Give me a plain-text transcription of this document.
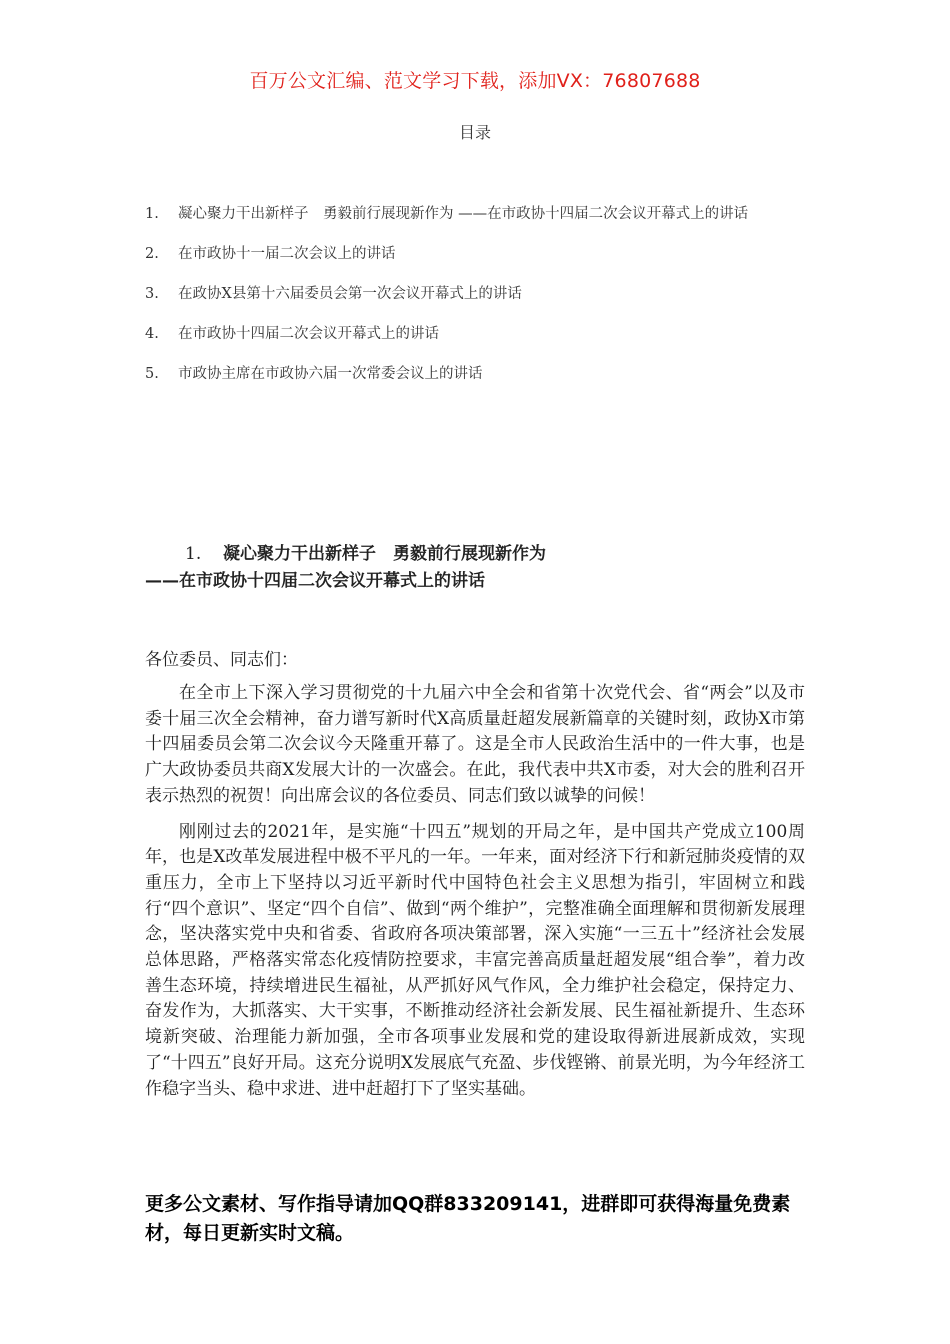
百万公文汇编、范文学习下载，添加VX：76807688
目录
1. 凝心聚力干出新样子　勇毅前行展现新作为 ——在市政协十四届二次会议开幕式上的讲话
2. 在市政协十一届二次会议上的讲话
3. 在政协X县第十六届委员会第一次会议开幕式上的讲话
4. 在市政协十四届二次会议开幕式上的讲话
5. 市政协主席在市政协六届一次常委会议上的讲话
1. 凝心聚力干出新样子　勇毅前行展现新作为
——在市政协十四届二次会议开幕式上的讲话
各位委员、同志们：

在全市上下深入学习贯彻党的十九届六中全会和省第十次党代会、省“两会”以及市委十届三次全会精神，奋力谱写新时代X高质量赶超发展新篇章的关键时刻，政协X市第十四届委员会第二次会议今天隆重开幕了。这是全市人民政治生活中的一件大事，也是广大政协委员共商X发展大计的一次盛会。在此，我代表中共X市委，对大会的胜利召开表示热烈的祝贺！向出席会议的各位委员、同志们致以诚挚的问候！

刚刚过去的2021年，是实施“十四五”规划的开局之年，是中国共产党成立100周年，也是X改革发展进程中极不平凡的一年。一年来，面对经济下行和新冠肺炎疫情的双重压力，全市上下坚持以习近平新时代中国特色社会主义思想为指引，牢固树立和践行“四个意识”、坚定“四个自信”、做到“两个维护”，完整准确全面理解和贯彻新发展理念，坚决落实党中央和省委、省政府各项决策部署，深入实施“一三五十”经济社会发展总体思路，严格落实常态化疫情防控要求，丰富完善高质量赶超发展“组合拳”，着力改善生态环境，持续增进民生福祉，从严抓好风气作风，全力维护社会稳定，保持定力、奋发作为，大抓落实、大干实事，不断推动经济社会新发展、民生福祉新提升、生态环境新突破、治理能力新加强，全市各项事业发展和党的建设取得新进展新成效，实现了“十四五”良好开局。这充分说明X发展底气充盈、步伐铿锵、前景光明，为今年经济工作稳字当头、稳中求进、进中赶超打下了坚实基础。

更多公文素材、写作指导请加QQ群833209141，进群即可获得海量免费素材，每日更新实时文稿。
